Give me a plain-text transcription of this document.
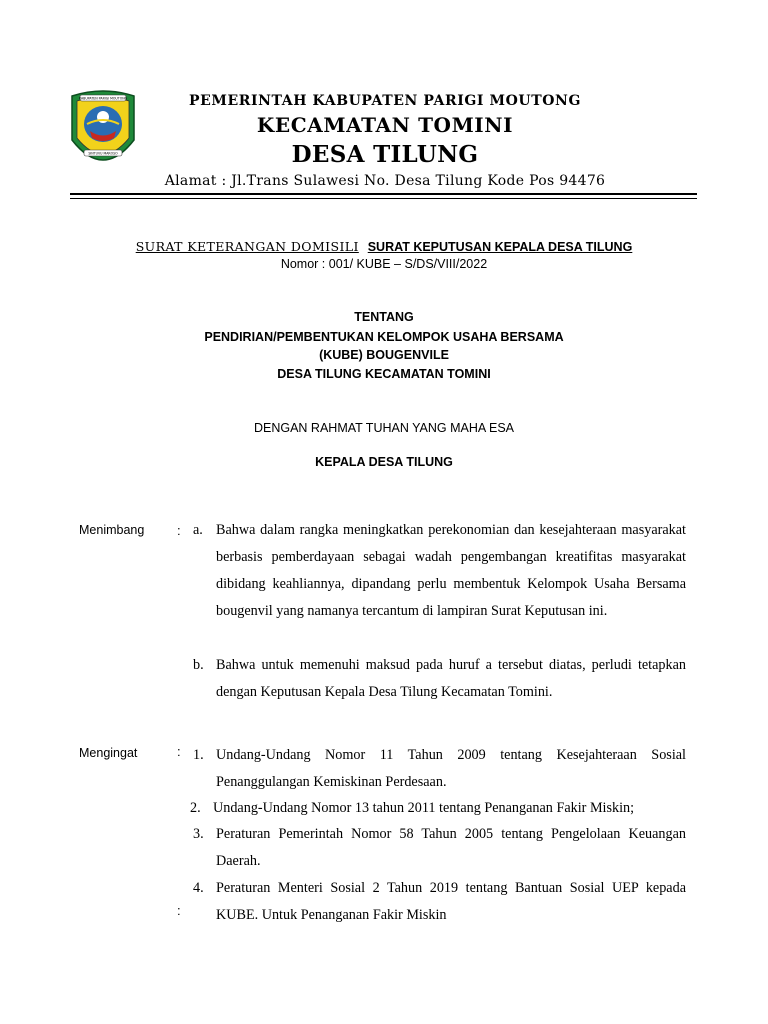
KABUPATEN PARIGI MOUTONG
SINTUVU MAROSO
PEMERINTAH KABUPATEN PARIGI MOUTONG
KECAMATAN TOMINI
DESA TILUNG
Alamat : Jl.Trans Sulawesi No. Desa Tilung Kode Pos 94476
SURAT KETERANGAN DOMISILI SURAT KEPUTUSAN KEPALA DESA TILUNG
Nomor : 001/ KUBE – S/DS/VIII/2022
TENTANG
PENDIRIAN/PEMBENTUKAN KELOMPOK USAHA BERSAMA
(KUBE) BOUGENVILE
DESA TILUNG KECAMATAN TOMINI
DENGAN RAHMAT TUHAN YANG MAHA ESA
KEPALA DESA TILUNG
Menimbang	: a. Bahwa dalam rangka meningkatkan perekonomian dan kesejahteraan masyarakat berbasis pemberdayaan sebagai wadah pengembangan kreatifitas masyarakat dibidang keahliannya, dipandang perlu membentuk Kelompok Usaha Bersama bougenvil yang namanya tercantum di lampiran Surat Keputusan ini.
b. Bahwa untuk memenuhi maksud pada huruf a tersebut diatas, perludi tetapkan dengan Keputusan Kepala Desa Tilung Kecamatan Tomini.
Mengingat	: 1. Undang-Undang Nomor 11 Tahun 2009 tentang Kesejahteraan Sosial Penanggulangan Kemiskinan Perdesaan.
2. Undang-Undang Nomor 13 tahun 2011 tentang Penanganan Fakir Miskin;
3. Peraturan Pemerintah Nomor 58 Tahun 2005 tentang Pengelolaan Keuangan Daerah.
4. Peraturan Menteri Sosial 2 Tahun 2019 tentang Bantuan Sosial UEP kepada KUBE. Untuk Penanganan Fakir Miskin
:
